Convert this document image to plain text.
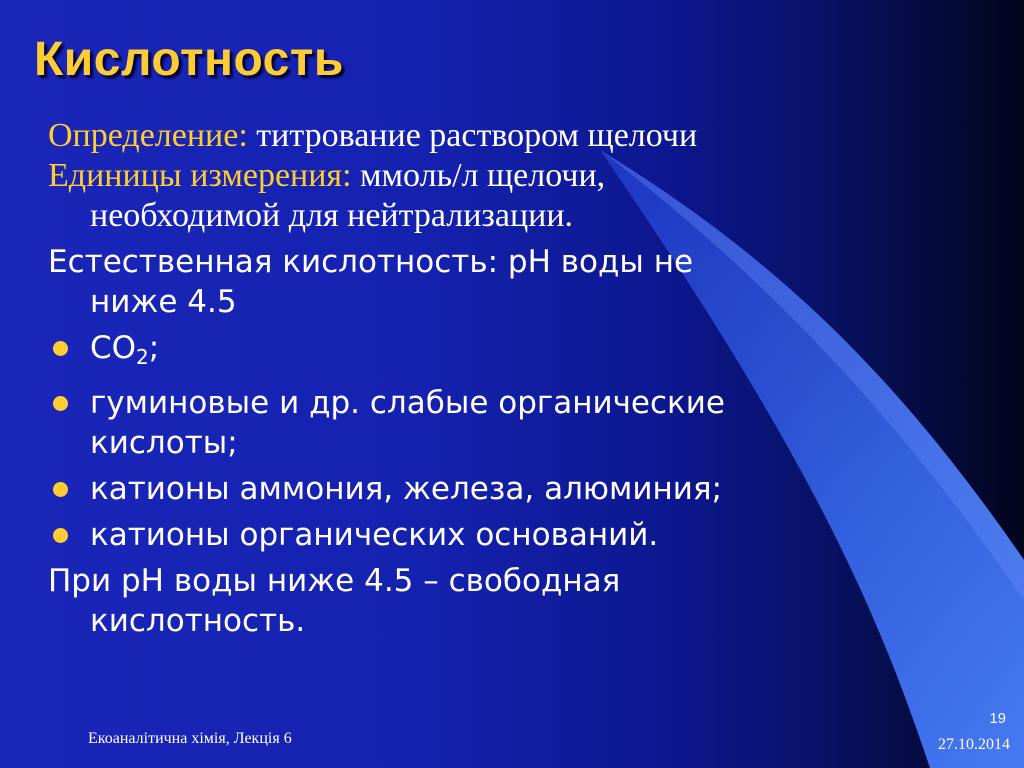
Кислотность
Определение: титрование раствором щелочи
Единицы измерения: ммоль/л щелочи,
необходимой для нейтрализации.
Естественная кислотность: pH воды не
ниже 4.5
$CO_2$;
гуминовые и др. слабые органические
кислоты;
катионы аммония, железа, алюминия;
катионы органических оснований.
При pH воды ниже 4.5 – свободная
кислотность.
Екоаналітична хімія, Лекція 6
19
27.10.2014
